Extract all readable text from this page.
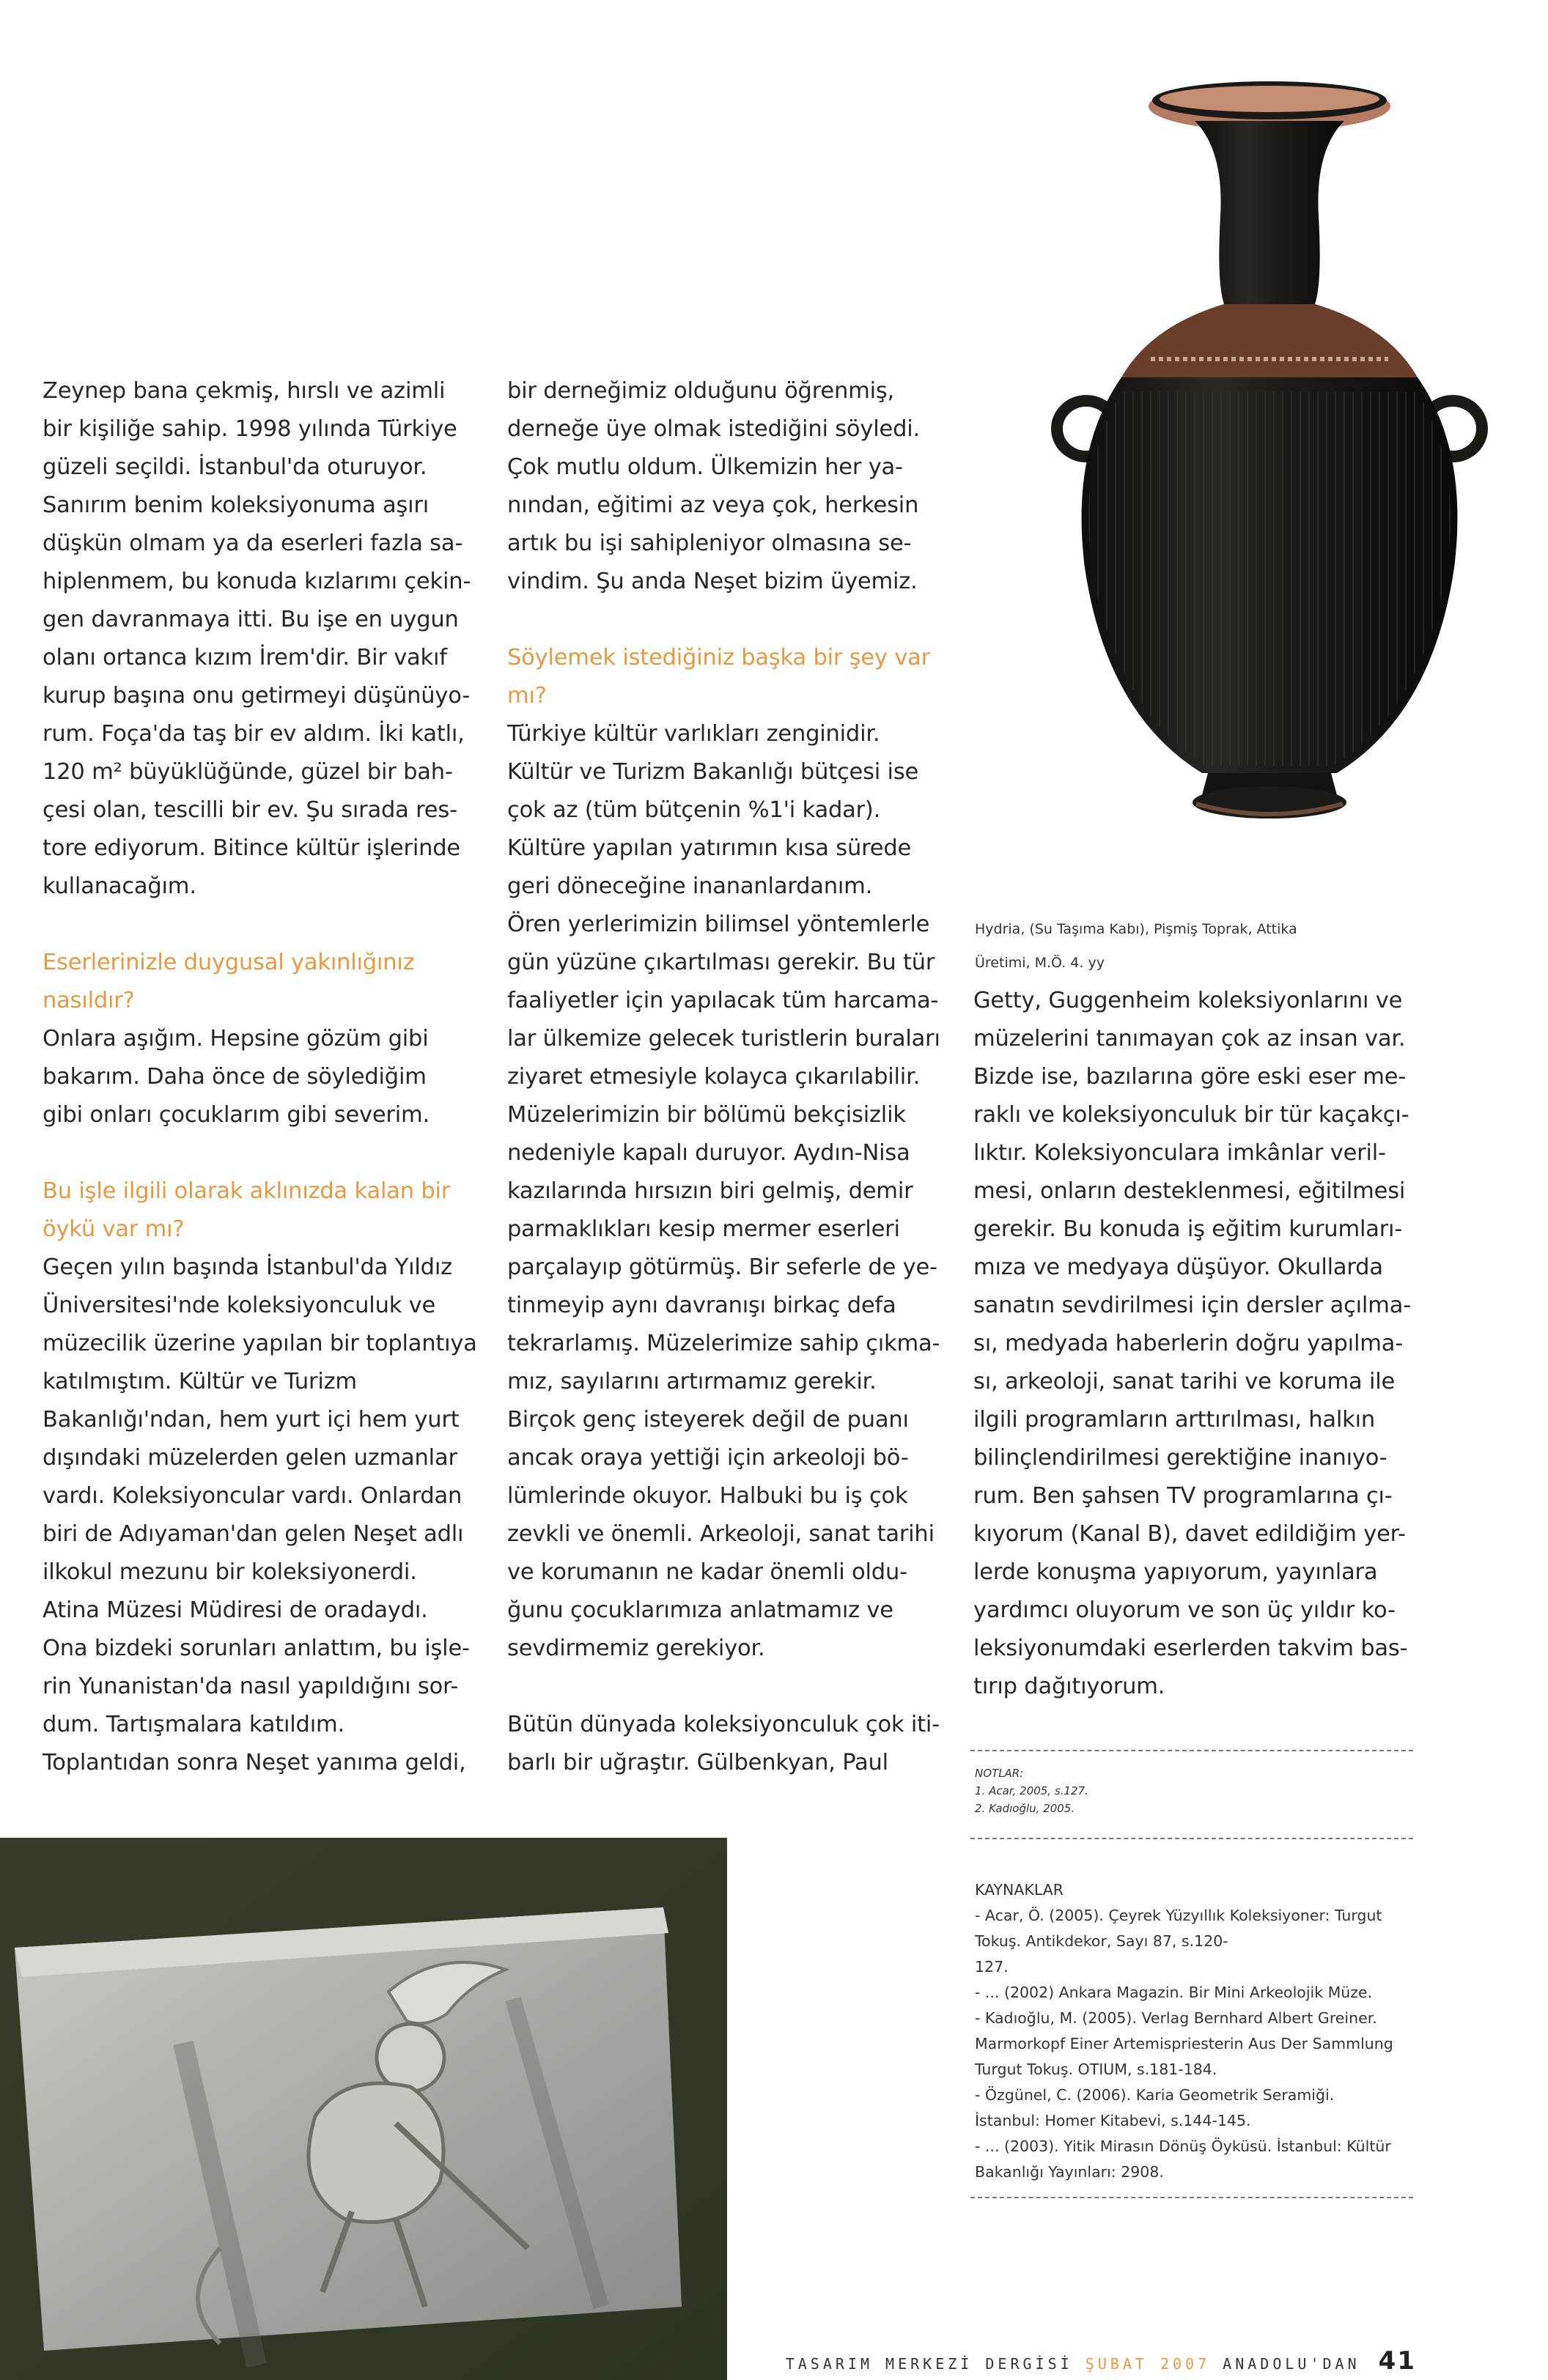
Zeynep bana çekmiş, hırslı ve azimli

bir kişiliğe sahip. 1998 yılında Türkiye

güzeli seçildi. İstanbul'da oturuyor.

Sanırım benim koleksiyonuma aşırı

düşkün olmam ya da eserleri fazla sa-

hiplenmem, bu konuda kızlarımı çekin-

gen davranmaya itti. Bu işe en uygun

olanı ortanca kızım İrem'dir. Bir vakıf

kurup başına onu getirmeyi düşünüyo-

rum. Foça'da taş bir ev aldım. İki katlı,

120 m² büyüklüğünde, güzel bir bah-

çesi olan, tescilli bir ev. Şu sırada res-

tore ediyorum. Bitince kültür işlerinde

kullanacağım.

Eserlerinizle duygusal yakınlığınız

nasıldır?

Onlara aşığım. Hepsine gözüm gibi

bakarım. Daha önce de söylediğim

gibi onları çocuklarım gibi severim.

Bu işle ilgili olarak aklınızda kalan bir

öykü var mı?

Geçen yılın başında İstanbul'da Yıldız

Üniversitesi'nde koleksiyonculuk ve

müzecilik üzerine yapılan bir toplantıya

katılmıştım. Kültür ve Turizm

Bakanlığı'ndan, hem yurt içi hem yurt

dışındaki müzelerden gelen uzmanlar

vardı. Koleksiyoncular vardı. Onlardan

biri de Adıyaman'dan gelen Neşet adlı

ilkokul mezunu bir koleksiyonerdi.

Atina Müzesi Müdiresi de oradaydı.

Ona bizdeki sorunları anlattım, bu işle-

rin Yunanistan'da nasıl yapıldığını sor-

dum. Tartışmalara katıldım.

Toplantıdan sonra Neşet yanıma geldi,

bir derneğimiz olduğunu öğrenmiş,

derneğe üye olmak istediğini söyledi.

Çok mutlu oldum. Ülkemizin her ya-

nından, eğitimi az veya çok, herkesin

artık bu işi sahipleniyor olmasına se-

vindim. Şu anda Neşet bizim üyemiz.

Söylemek istediğiniz başka bir şey var

mı?

Türkiye kültür varlıkları zenginidir.

Kültür ve Turizm Bakanlığı bütçesi ise

çok az (tüm bütçenin %1'i kadar).

Kültüre yapılan yatırımın kısa sürede

geri döneceğine inananlardanım.

Ören yerlerimizin bilimsel yöntemlerle

gün yüzüne çıkartılması gerekir. Bu tür

faaliyetler için yapılacak tüm harcama-

lar ülkemize gelecek turistlerin buraları

ziyaret etmesiyle kolayca çıkarılabilir.

Müzelerimizin bir bölümü bekçisizlik

nedeniyle kapalı duruyor. Aydın-Nisa

kazılarında hırsızın biri gelmiş, demir

parmaklıkları kesip mermer eserleri

parçalayıp götürmüş. Bir seferle de ye-

tinmeyip aynı davranışı birkaç defa

tekrarlamış. Müzelerimize sahip çıkma-

mız, sayılarını artırmamız gerekir.

Birçok genç isteyerek değil de puanı

ancak oraya yettiği için arkeoloji bö-

lümlerinde okuyor. Halbuki bu iş çok

zevkli ve önemli. Arkeoloji, sanat tarihi

ve korumanın ne kadar önemli oldu-

ğunu çocuklarımıza anlatmamız ve

sevdirmemiz gerekiyor.

Bütün dünyada koleksiyonculuk çok iti-

barlı bir uğraştır. Gülbenkyan, Paul

Hydria, (Su Taşıma Kabı), Pişmiş Toprak, Attika

Üretimi, M.Ö. 4. yy

Getty, Guggenheim koleksiyonlarını ve

müzelerini tanımayan çok az insan var.

Bizde ise, bazılarına göre eski eser me-

raklı ve koleksiyonculuk bir tür kaçakçı-

lıktır. Koleksiyonculara imkânlar veril-

mesi, onların desteklenmesi, eğitilmesi

gerekir. Bu konuda iş eğitim kurumları-

mıza ve medyaya düşüyor. Okullarda

sanatın sevdirilmesi için dersler açılma-

sı, medyada haberlerin doğru yapılma-

sı, arkeoloji, sanat tarihi ve koruma ile

ilgili programların arttırılması, halkın

bilinçlendirilmesi gerektiğine inanıyo-

rum. Ben şahsen TV programlarına çı-

kıyorum (Kanal B), davet edildiğim yer-

lerde konuşma yapıyorum, yayınlara

yardımcı oluyorum ve son üç yıldır ko-

leksiyonumdaki eserlerden takvim bas-

tırıp dağıtıyorum.

NOTLAR:
1. Acar, 2005, s.127.
2. Kadıoğlu, 2005.

KAYNAKLAR

- Acar, Ö. (2005). Çeyrek Yüzyıllık Koleksiyoner: Turgut

Tokuş. Antikdekor, Sayı 87, s.120-

127.

- ... (2002) Ankara Magazin. Bir Mini Arkeolojik Müze.

- Kadıoğlu, M. (2005). Verlag Bernhard Albert Greiner.

Marmorkopf Einer Artemispriesterin Aus Der Sammlung

Turgut Tokuş. OTIUM, s.181-184.

- Özgünel, C. (2006). Karia Geometrik Seramiği.

İstanbul: Homer Kitabevi, s.144-145.

- ... (2003). Yitik Mirasın Dönüş Öyküsü. İstanbul: Kültür

Bakanlığı Yayınları: 2908.

TASARIM MERKEZİ DERGİSİ ŞUBAT 2007 ANADOLU'DAN 41
